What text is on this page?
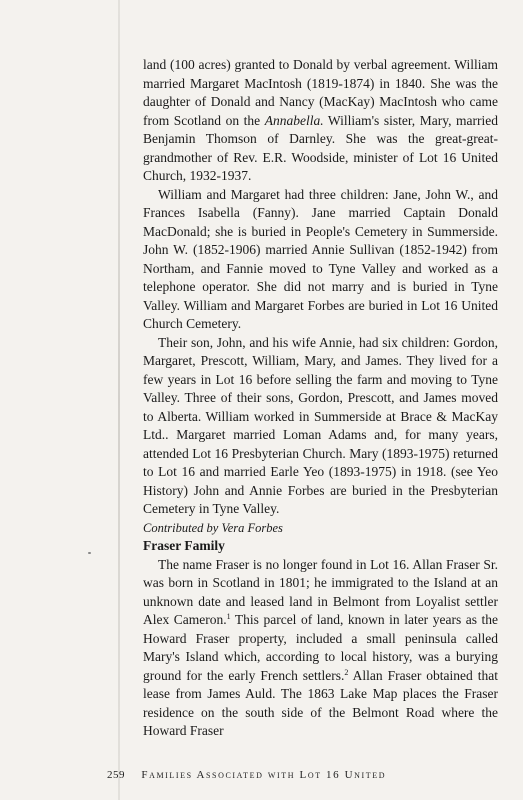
land (100 acres) granted to Donald by verbal agreement. William married Margaret MacIntosh (1819-1874) in 1840. She was the daughter of Donald and Nancy (MacKay) MacIntosh who came from Scotland on the Annabella. William's sister, Mary, married Benjamin Thomson of Darnley. She was the great-great-grandmother of Rev. E.R. Woodside, minister of Lot 16 United Church, 1932-1937.

William and Margaret had three children: Jane, John W., and Frances Isabella (Fanny). Jane married Captain Donald MacDonald; she is buried in People's Cemetery in Summerside. John W. (1852-1906) married Annie Sullivan (1852-1942) from Northam, and Fannie moved to Tyne Valley and worked as a telephone operator. She did not marry and is buried in Tyne Valley. William and Margaret Forbes are buried in Lot 16 United Church Cemetery.

Their son, John, and his wife Annie, had six children: Gordon, Margaret, Prescott, William, Mary, and James. They lived for a few years in Lot 16 before selling the farm and moving to Tyne Valley. Three of their sons, Gordon, Prescott, and James moved to Alberta. William worked in Summerside at Brace & MacKay Ltd.. Margaret married Loman Adams and, for many years, attended Lot 16 Presbyterian Church. Mary (1893-1975) returned to Lot 16 and married Earle Yeo (1893-1975) in 1918. (see Yeo History) John and Annie Forbes are buried in the Presbyterian Cemetery in Tyne Valley.

Contributed by Vera Forbes

Fraser Family

The name Fraser is no longer found in Lot 16. Allan Fraser Sr. was born in Scotland in 1801; he immigrated to the Island at an unknown date and leased land in Belmont from Loyalist settler Alex Cameron.$^1$ This parcel of land, known in later years as the Howard Fraser property, included a small peninsula called Mary's Island which, according to local history, was a burying ground for the early French settlers.$^2$ Allan Fraser obtained that lease from James Auld. The 1863 Lake Map places the Fraser residence on the south side of the Belmont Road where the Howard Fraser

259 Families Associated with Lot 16 United
